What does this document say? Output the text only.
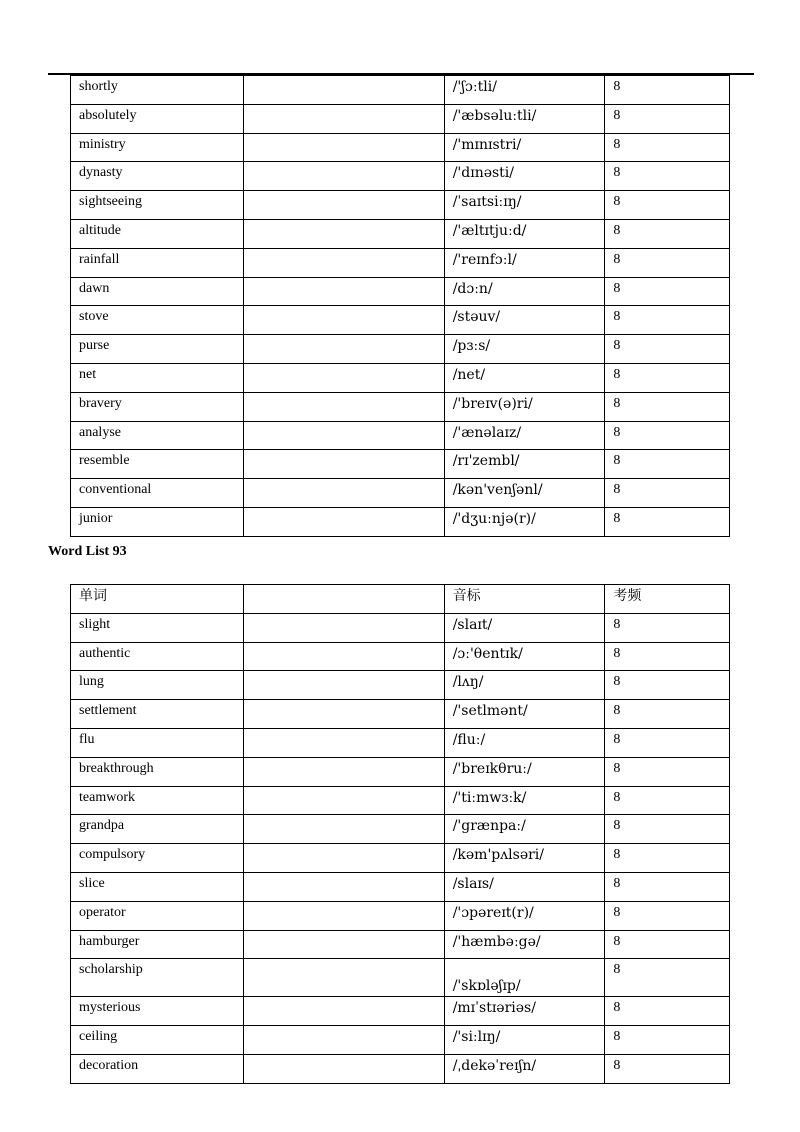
shortly		/'ʃɔːtli/	8
absolutely		/'æbsəluːtli/	8
ministry		/'mɪnɪstri/	8
dynasty		/'dɪnəsti/	8
sightseeing		/ˈsaɪtsiːɪŋ/	8
altitude		/'æltɪtjuːd/	8
rainfall		/'reɪnfɔːl/	8
dawn		/dɔːn/	8
stove		/stəuv/	8
purse		/pɜːs/	8
net		/net/	8
bravery		/'breɪv(ə)ri/	8
analyse		/'ænəlaɪz/	8
resemble		/rɪ'zembl/	8
conventional		/kən'venʃənl/	8
junior		/'dʒuːnjə(r)/	8
Word List 93
单词		音标	考频
slight		/slaɪt/	8
authentic		/ɔː'θentɪk/	8
lung		/lʌŋ/	8
settlement		/'setlmənt/	8
flu		/fluː/	8
breakthrough		/'breɪkθruː/	8
teamwork		/'tiːmwɜːk/	8
grandpa		/'grænpaː/	8
compulsory		/kəm'pʌlsəri/	8
slice		/slaɪs/	8
operator		/'ɔpəreɪt(r)/	8
hamburger		/'hæmbəːgə/	8
scholarship		/'skɒləʃɪp/	8
mysterious		/mɪˈstɪəriəs/	8
ceiling		/'siːlɪŋ/	8
decoration		/ˌdekəˈreɪʃn/	8
